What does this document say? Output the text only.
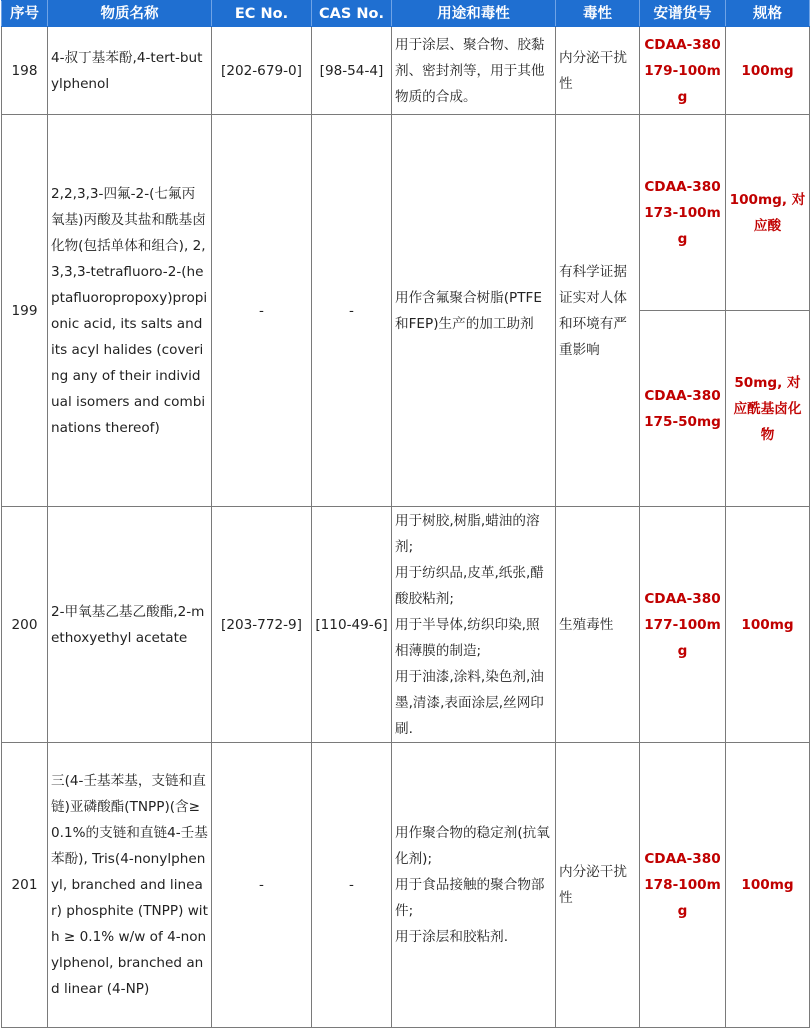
序号	物质名称	EC No.	CAS No.	用途和毒性	毒性	安谱货号	规格
198	4-叔丁基苯酚,4-tert-butylphenol	[202-679-0]	[98-54-4]	用于涂层、聚合物、胶黏剂、密封剂等，用于其他物质的合成。	内分泌干扰性	CDAA-380179-100mg	100mg
199	2,2,3,3-四氟-2-(七氟丙氧基)丙酸及其盐和酰基卤化物(包括单体和组合), 2,3,3,3-tetrafluoro-2-(heptafluoropropoxy)propionic acid, its salts and its acyl halides (covering any of their individual isomers and combinations thereof)	-	-	用作含氟聚合树脂(PTFE和FEP)生产的加工助剂	有科学证据证实对人体和环境有严重影响	CDAA-380173-100mg	100mg, 对应酸
						CDAA-380175-50mg	50mg, 对应酰基卤化物
200	2-甲氧基乙基乙酸酯,2-methoxyethyl acetate	[203-772-9]	[110-49-6]	用于树胶,树脂,蜡油的溶剂;
用于纺织品,皮革,纸张,醋酸胶粘剂;
用于半导体,纺织印染,照相薄膜的制造;
用于油漆,涂料,染色剂,油墨,清漆,表面涂层,丝网印刷.	生殖毒性	CDAA-380177-100mg	100mg
201	三(4-壬基苯基，支链和直链)亚磷酸酯(TNPP)(含≥0.1%的支链和直链4-壬基苯酚), Tris(4-nonylphenyl, branched and linear) phosphite (TNPP) with ≥ 0.1% w/w of 4-nonylphenol, branched and linear (4-NP)	-	-	用作聚合物的稳定剂(抗氧化剂);
用于食品接触的聚合物部件;
用于涂层和胶粘剂.	内分泌干扰性	CDAA-380178-100mg	100mg
